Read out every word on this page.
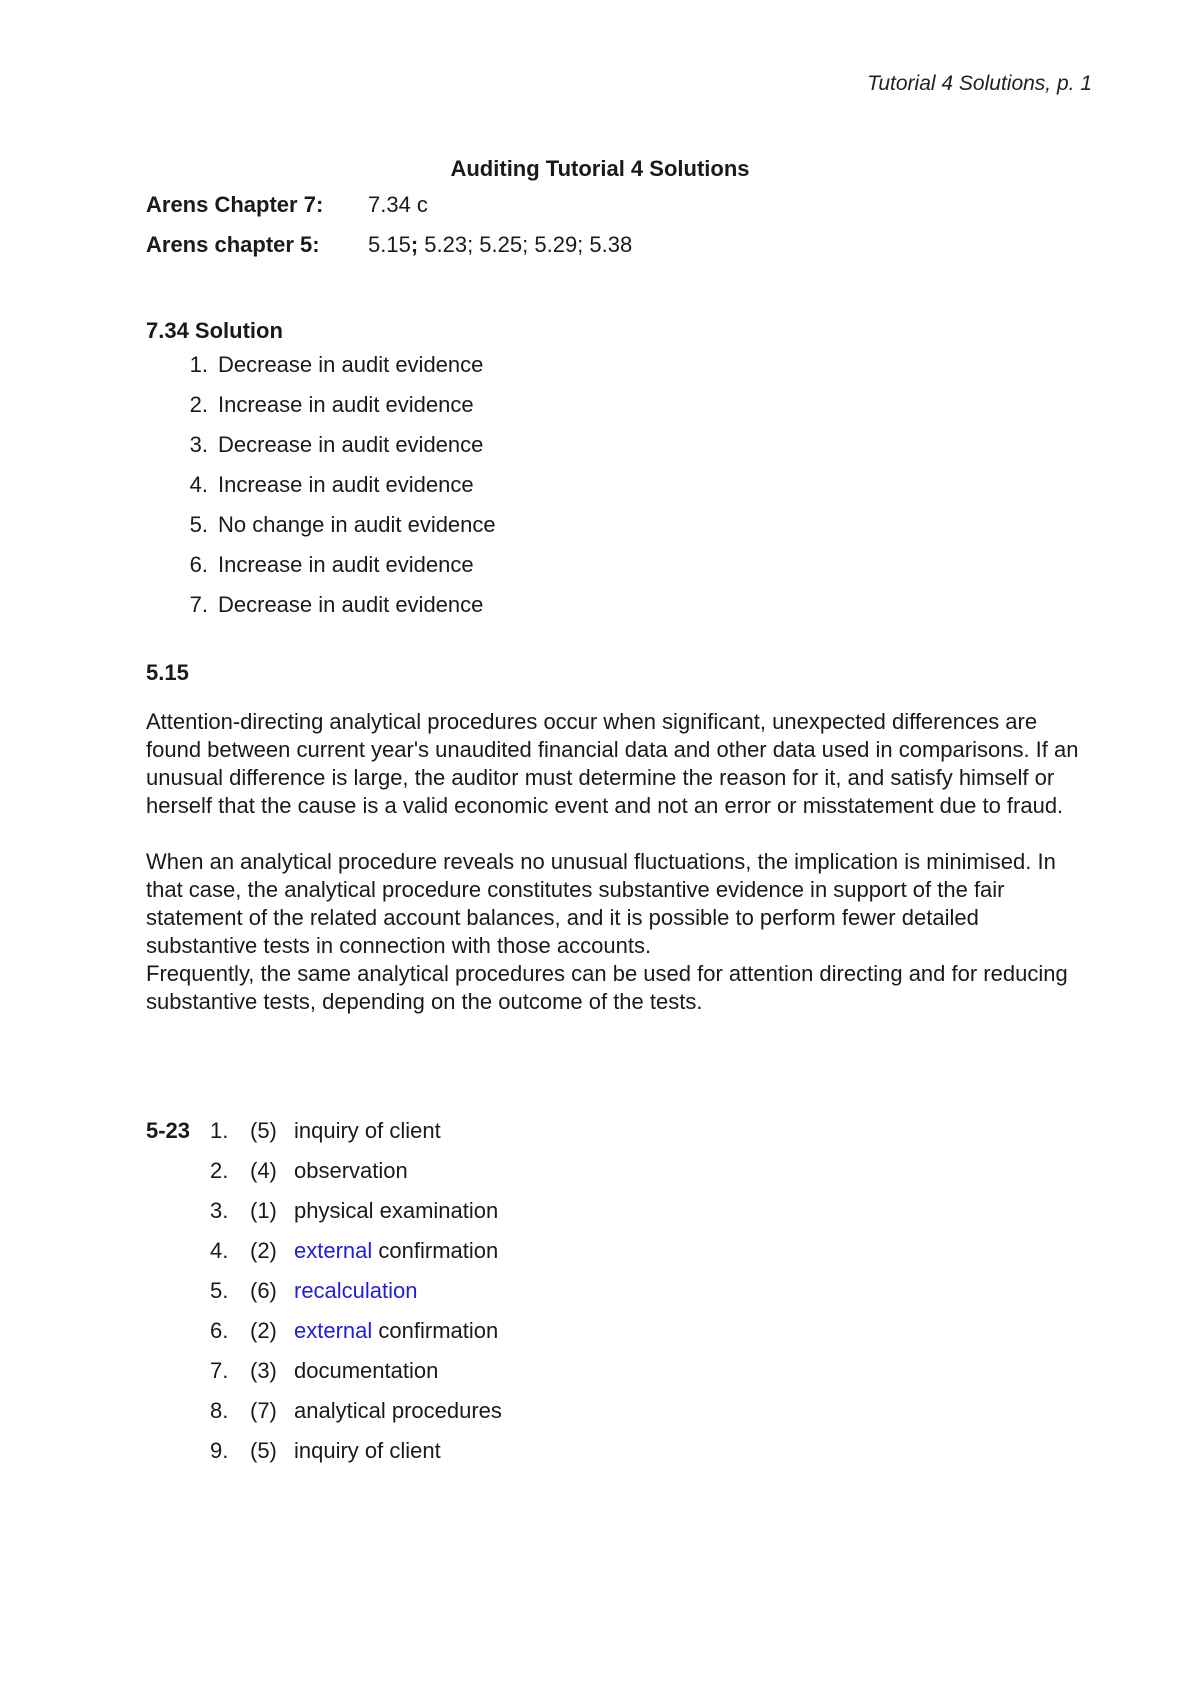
Tutorial 4 Solutions, p. 1
Auditing Tutorial 4 Solutions
Arens Chapter 7:	7.34 c
Arens chapter 5:	5.15; 5.23; 5.25; 5.29; 5.38
7.34 Solution
1. Decrease in audit evidence
2. Increase in audit evidence
3. Decrease in audit evidence
4. Increase in audit evidence
5. No change in audit evidence
6. Increase in audit evidence
7. Decrease in audit evidence
5.15

Attention-directing analytical procedures occur when significant, unexpected differences are found between current year's unaudited financial data and other data used in comparisons. If an unusual difference is large, the auditor must determine the reason for it, and satisfy himself or herself that the cause is a valid economic event and not an error or misstatement due to fraud.

When an analytical procedure reveals no unusual fluctuations, the implication is minimised. In that case, the analytical procedure constitutes substantive evidence in support of the fair statement of the related account balances, and it is possible to perform fewer detailed substantive tests in connection with those accounts.

Frequently, the same analytical procedures can be used for attention directing and for reducing substantive tests, depending on the outcome of the tests.

5-23 1. (5) inquiry of client
2. (4) observation
3. (1) physical examination
4. (2) external confirmation
5. (6) recalculation
6. (2) external confirmation
7. (3) documentation
8. (7) analytical procedures
9. (5) inquiry of client
